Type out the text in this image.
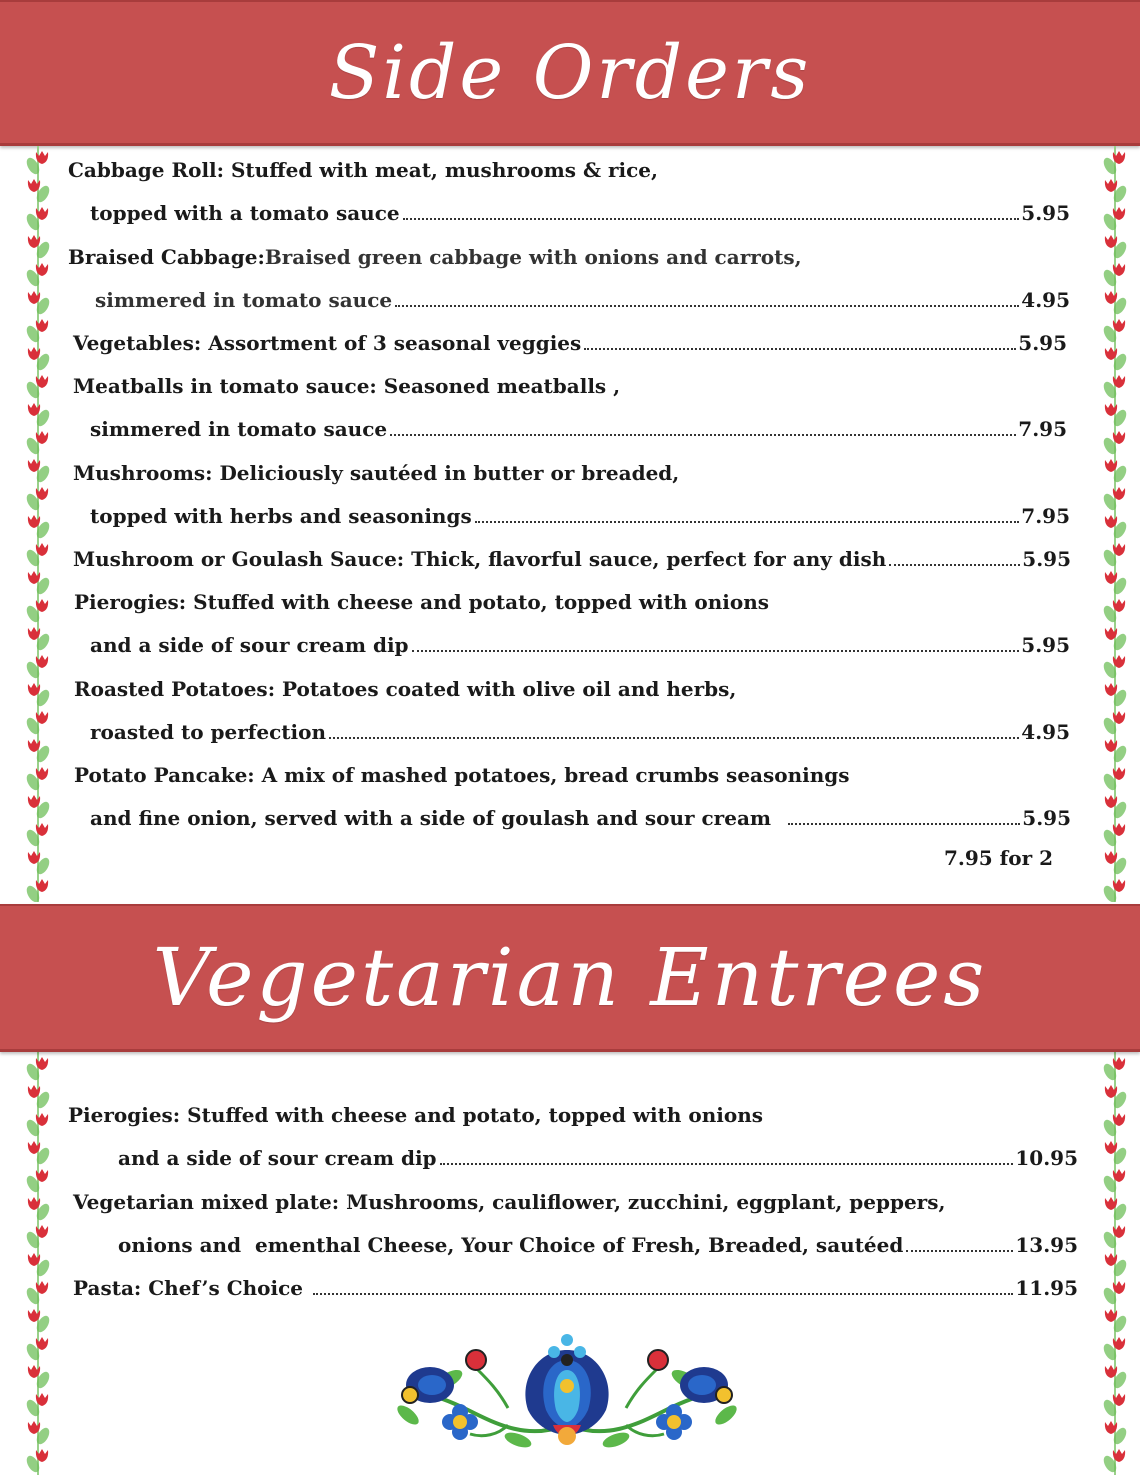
Side Orders
Cabbage Roll: Stuffed with meat, mushrooms & rice,
topped with a tomato sauce	5.95
Braised Cabbage: Braised green cabbage with onions and carrots,
simmered in tomato sauce	4.95
Vegetables: Assortment of 3 seasonal veggies	5.95
Meatballs in tomato sauce: Seasoned meatballs ,
simmered in tomato sauce	7.95
Mushrooms: Deliciously sautéed in butter or breaded,
topped with herbs and seasonings	7.95
Mushroom or Goulash Sauce: Thick, flavorful sauce, perfect for any dish	5.95
Pierogies: Stuffed with cheese and potato, topped with onions
and a side of sour cream dip	5.95
Roasted Potatoes: Potatoes coated with olive oil and herbs,
roasted to perfection	4.95
Potato Pancake: A mix of mashed potatoes, bread crumbs seasonings
and fine onion, served with a side of goulash and sour cream	5.95
7.95 for 2
Vegetarian Entrees
Pierogies: Stuffed with cheese and potato, topped with onions
and a side of sour cream dip	10.95
Vegetarian mixed plate: Mushrooms, cauliflower, zucchini, eggplant, peppers,
onions and  ementhal Cheese, Your Choice of Fresh, Breaded, sautéed	13.95
Pasta: Chef’s Choice	11.95
